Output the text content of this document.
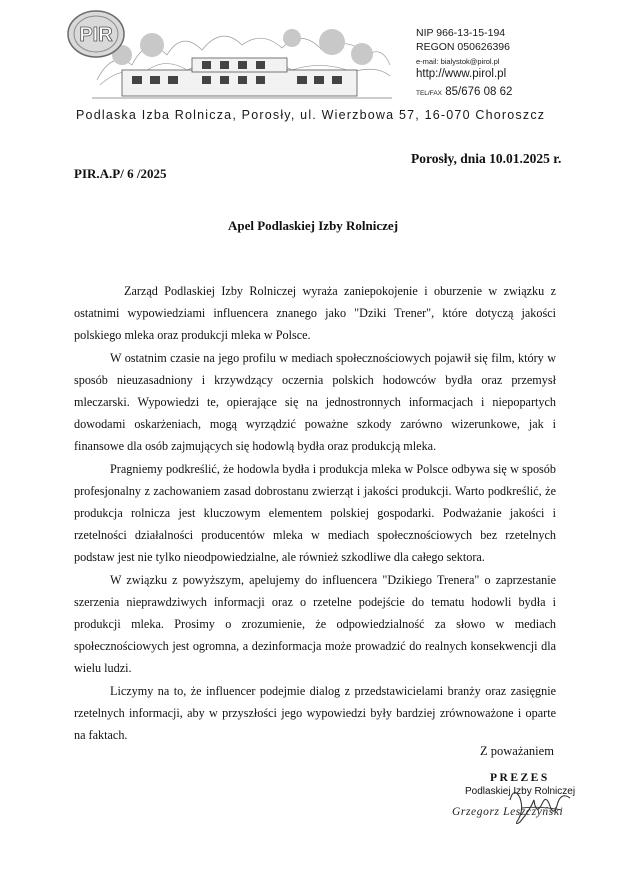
PIR	NIP 966-13-15-194
REGON 050626396
e-mail: bialystok@pirol.pl
http://www.pirol.pl
TEL/FAX 85/676 08 62
Podlaska Izba Rolnicza, Porosły, ul. Wierzbowa 57, 16-070 Choroszcz
Porosły, dnia 10.01.2025 r.
PIR.A.P/ 6 /2025
Apel Podlaskiej Izby Rolniczej

Zarząd Podlaskiej Izby Rolniczej wyraża zaniepokojenie i oburzenie w związku z ostatnimi wypowiedziami influencera znanego jako "Dziki Trener", które dotyczą jakości polskiego mleka oraz produkcji mleka w Polsce.

W ostatnim czasie na jego profilu w mediach społecznościowych pojawił się film, który w sposób nieuzasadniony i krzywdzący oczernia polskich hodowców bydła oraz przemysł mleczarski. Wypowiedzi te, opierające się na jednostronnych informacjach i niepopartych dowodami oskarżeniach, mogą wyrządzić poważne szkody zarówno wizerunkowe, jak i finansowe dla osób zajmujących się hodowlą bydła oraz produkcją mleka.

Pragniemy podkreślić, że hodowla bydła i produkcja mleka w Polsce odbywa się w sposób profesjonalny z zachowaniem zasad dobrostanu zwierząt i jakości produkcji. Warto podkreślić, że produkcja rolnicza jest kluczowym elementem polskiej gospodarki. Podważanie jakości i rzetelności działalności producentów mleka w mediach społecznościowych bez rzetelnych podstaw jest nie tylko nieodpowiedzialne, ale również szkodliwe dla całego sektora.

W związku z powyższym, apelujemy do influencera "Dzikiego Trenera" o zaprzestanie szerzenia nieprawdziwych informacji oraz o rzetelne podejście do tematu hodowli bydła i produkcji mleka. Prosimy o zrozumienie, że odpowiedzialność za słowo w mediach społecznościowych jest ogromna, a dezinformacja może prowadzić do realnych konsekwencji dla wielu ludzi.

Liczymy na to, że influencer podejmie dialog z przedstawicielami branży oraz zasięgnie rzetelnych informacji, aby w przyszłości jego wypowiedzi były bardziej zrównoważone i oparte na faktach.

Z poważaniem
PREZES
Podlaskiej Izby Rolniczej
Grzegorz Leszczyński
